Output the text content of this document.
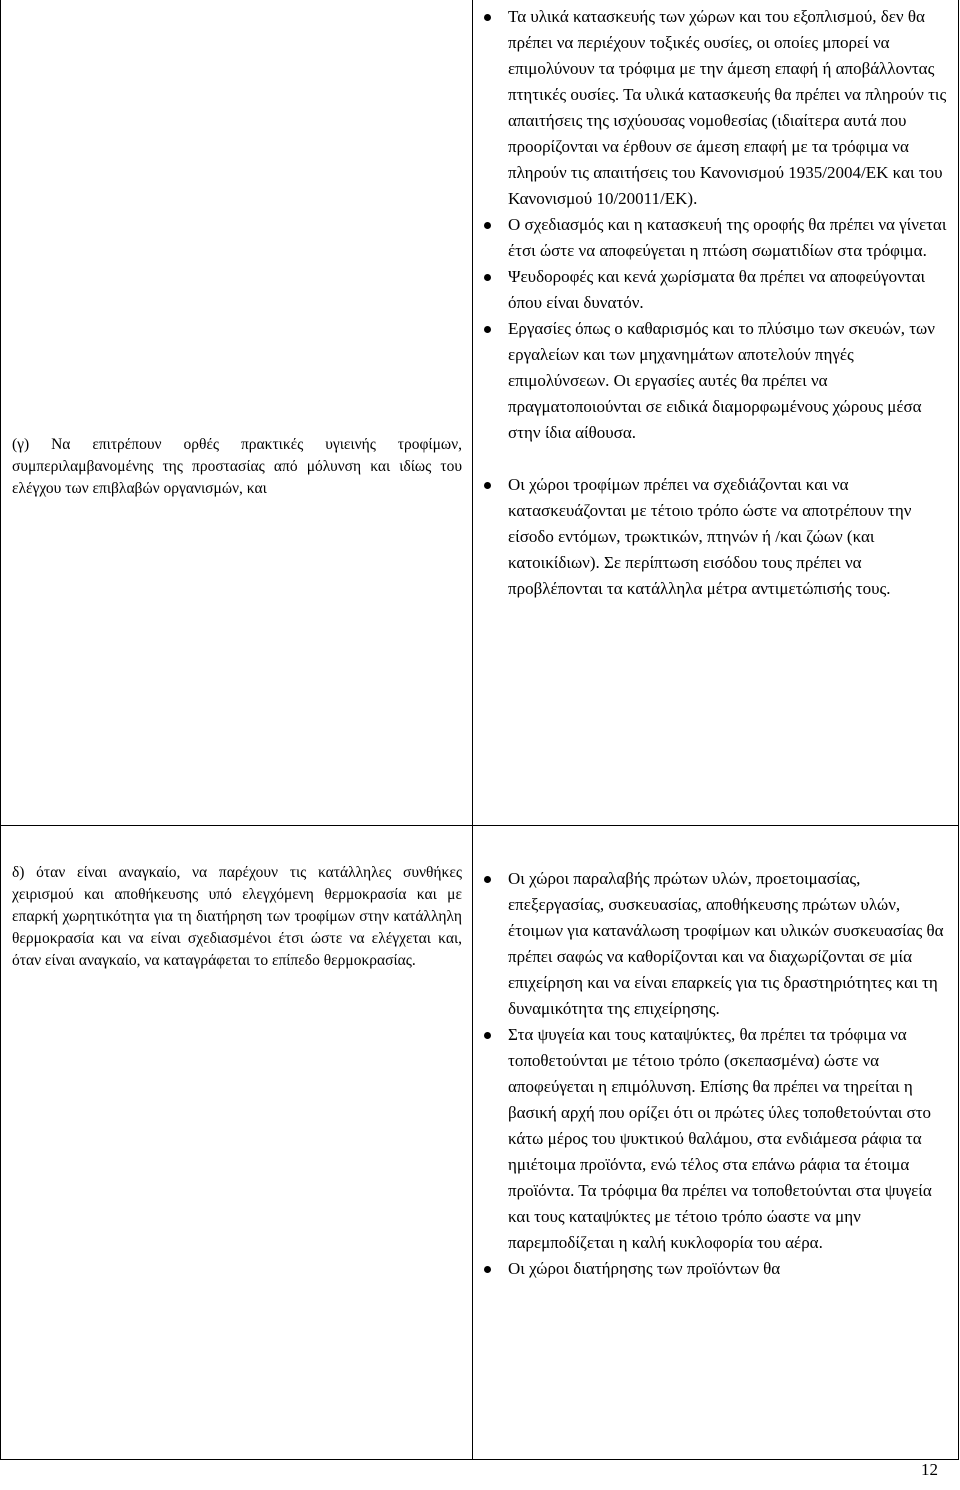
(γ) Να επιτρέπουν ορθές πρακτικές υγιεινής τροφίμων, συμπεριλαμβανομένης της προστασίας από μόλυνση και ιδίως του ελέγχου των επιβλαβών οργανισμών, και
Τα υλικά κατασκευής των χώρων και του εξοπλισμού, δεν θα πρέπει να περιέχουν τοξικές ουσίες, οι οποίες μπορεί να επιμολύνουν τα τρόφιμα με την άμεση επαφή ή αποβάλλοντας πτητικές ουσίες. Τα υλικά κατασκευής θα πρέπει να πληρούν τις απαιτήσεις της ισχύουσας νομοθεσίας (ιδιαίτερα αυτά που προορίζονται να έρθουν σε άμεση επαφή με τα τρόφιμα να πληρούν τις απαιτήσεις του Κανονισμού 1935/2004/ΕΚ και του Κανονισμού 10/20011/ΕΚ).
Ο σχεδιασμός και η κατασκευή της οροφής θα πρέπει να γίνεται έτσι ώστε να αποφεύγεται η πτώση σωματιδίων στα τρόφιμα.
Ψευδοροφές και κενά χωρίσματα θα πρέπει να αποφεύγονται όπου είναι δυνατόν.
Εργασίες όπως ο καθαρισμός και το πλύσιμο των σκευών, των εργαλείων και των μηχανημάτων αποτελούν πηγές επιμολύνσεων. Οι εργασίες αυτές θα πρέπει να πραγματοποιούνται σε ειδικά διαμορφωμένους χώρους μέσα στην ίδια αίθουσα.
Οι χώροι τροφίμων πρέπει να σχεδιάζονται και να κατασκευάζονται με τέτοιο τρόπο ώστε να αποτρέπουν την είσοδο εντόμων, τρωκτικών, πτηνών ή /και ζώων (και κατοικίδιων). Σε περίπτωση εισόδου τους πρέπει να προβλέπονται τα κατάλληλα μέτρα αντιμετώπισής τους.
δ) όταν είναι αναγκαίο, να παρέχουν τις κατάλληλες συνθήκες χειρισμού και αποθήκευσης υπό ελεγχόμενη θερμοκρασία και με επαρκή χωρητικότητα για τη διατήρηση των τροφίμων στην κατάλληλη θερμοκρασία και να είναι σχεδιασμένοι έτσι ώστε να ελέγχεται και, όταν είναι αναγκαίο, να καταγράφεται το επίπεδο θερμοκρασίας.
Οι χώροι παραλαβής πρώτων υλών, προετοιμασίας, επεξεργασίας, συσκευασίας, αποθήκευσης πρώτων υλών, έτοιμων για κατανάλωση τροφίμων και υλικών συσκευασίας θα πρέπει σαφώς να καθορίζονται και να διαχωρίζονται σε μία επιχείρηση και να είναι επαρκείς για τις δραστηριότητες και τη δυναμικότητα της επιχείρησης.
Στα ψυγεία και τους καταψύκτες, θα πρέπει τα τρόφιμα να τοποθετούνται με τέτοιο τρόπο (σκεπασμένα) ώστε να αποφεύγεται η επιμόλυνση. Επίσης θα πρέπει να τηρείται η βασική αρχή που ορίζει ότι οι πρώτες ύλες τοποθετούνται στο κάτω μέρος του ψυκτικού θαλάμου, στα ενδιάμεσα ράφια τα ημιέτοιμα προϊόντα, ενώ τέλος στα επάνω ράφια τα έτοιμα προϊόντα. Τα τρόφιμα θα πρέπει να τοποθετούνται στα ψυγεία και τους καταψύκτες με τέτοιο τρόπο ώαστε να μην παρεμποδίζεται η καλή κυκλοφορία του αέρα.
Οι χώροι διατήρησης των προϊόντων θα
12
